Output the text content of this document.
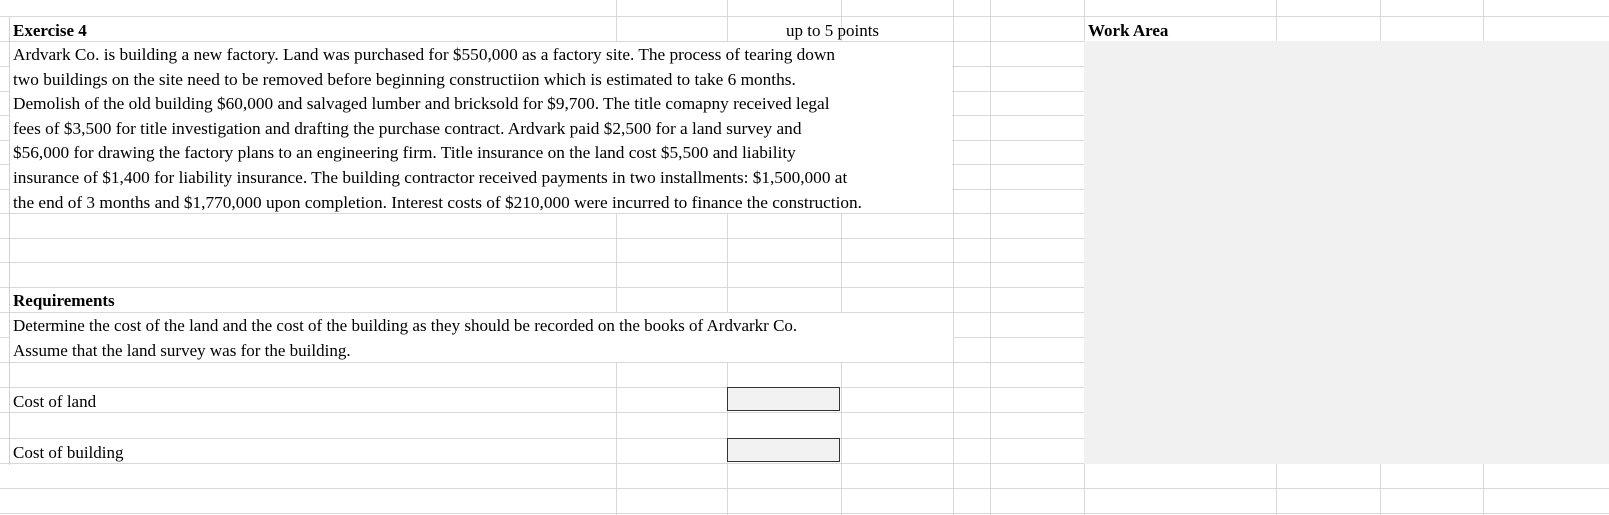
Exercise 4	up to 5 points	Work Area
Ardvark Co. is building a new factory. Land was purchased for $550,000 as a factory site. The process of tearing down
two buildings on the site need to be removed before beginning constructiion which is estimated to take 6 months.
Demolish of the old building $60,000 and salvaged lumber and bricksold for $9,700. The title comapny received legal
fees of $3,500 for title investigation and drafting the purchase contract. Ardvark paid $2,500 for a land survey and
$56,000 for drawing the factory plans to an engineering firm. Title insurance on the land cost $5,500 and liability
insurance of $1,400 for liability insurance. The building contractor received payments in two installments: $1,500,000 at
the end of 3 months and $1,770,000 upon completion. Interest costs of $210,000 were incurred to finance the construction.
Requirements
Determine the cost of the land and the cost of the building as they should be recorded on the books of Ardvarkr Co.
Assume that the land survey was for the building.
Cost of land
Cost of building
